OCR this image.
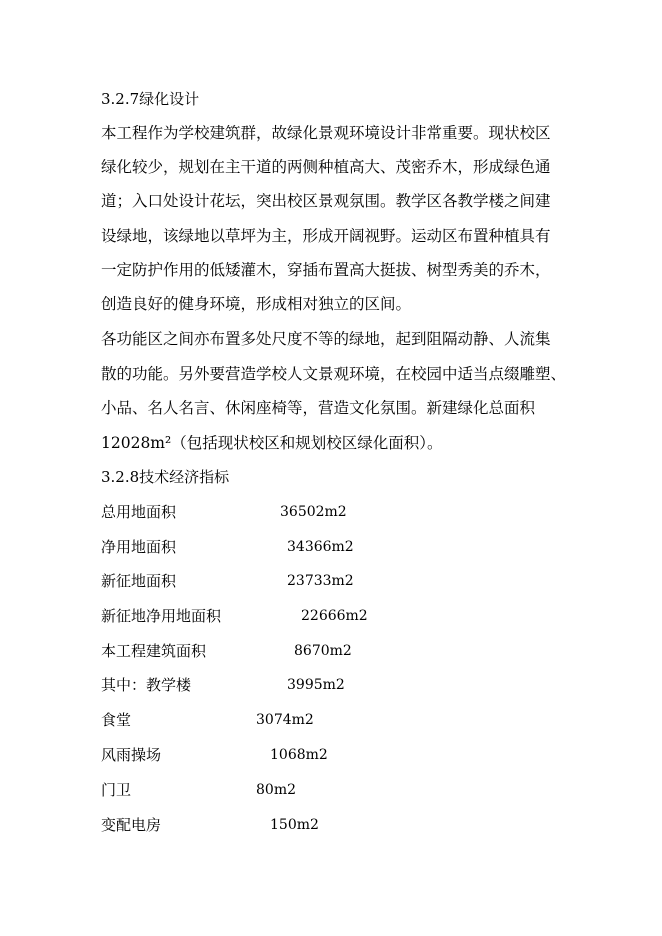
3.2.7绿化设计
本工程作为学校建筑群，故绿化景观环境设计非常重要。现状校区
绿化较少，规划在主干道的两侧种植高大、茂密乔木，形成绿色通
道；入口处设计花坛，突出校区景观氛围。教学区各教学楼之间建
设绿地，该绿地以草坪为主，形成开阔视野。运动区布置种植具有
一定防护作用的低矮灌木，穿插布置高大挺拔、树型秀美的乔木，
创造良好的健身环境，形成相对独立的区间。
各功能区之间亦布置多处尺度不等的绿地，起到阻隔动静、人流集
散的功能。另外要营造学校人文景观环境，在校园中适当点缀雕塑、
小品、名人名言、休闲座椅等，营造文化氛围。新建绿化总面积
12028m²（包括现状校区和规划校区绿化面积）。
3.2.8技术经济指标
总用地面积	36502m2
净用地面积	34366m2
新征地面积	23733m2
新征地净用地面积	22666m2
本工程建筑面积	8670m2
其中：教学楼	3995m2
食堂	3074m2
风雨操场	1068m2
门卫	80m2
变配电房	150m2
